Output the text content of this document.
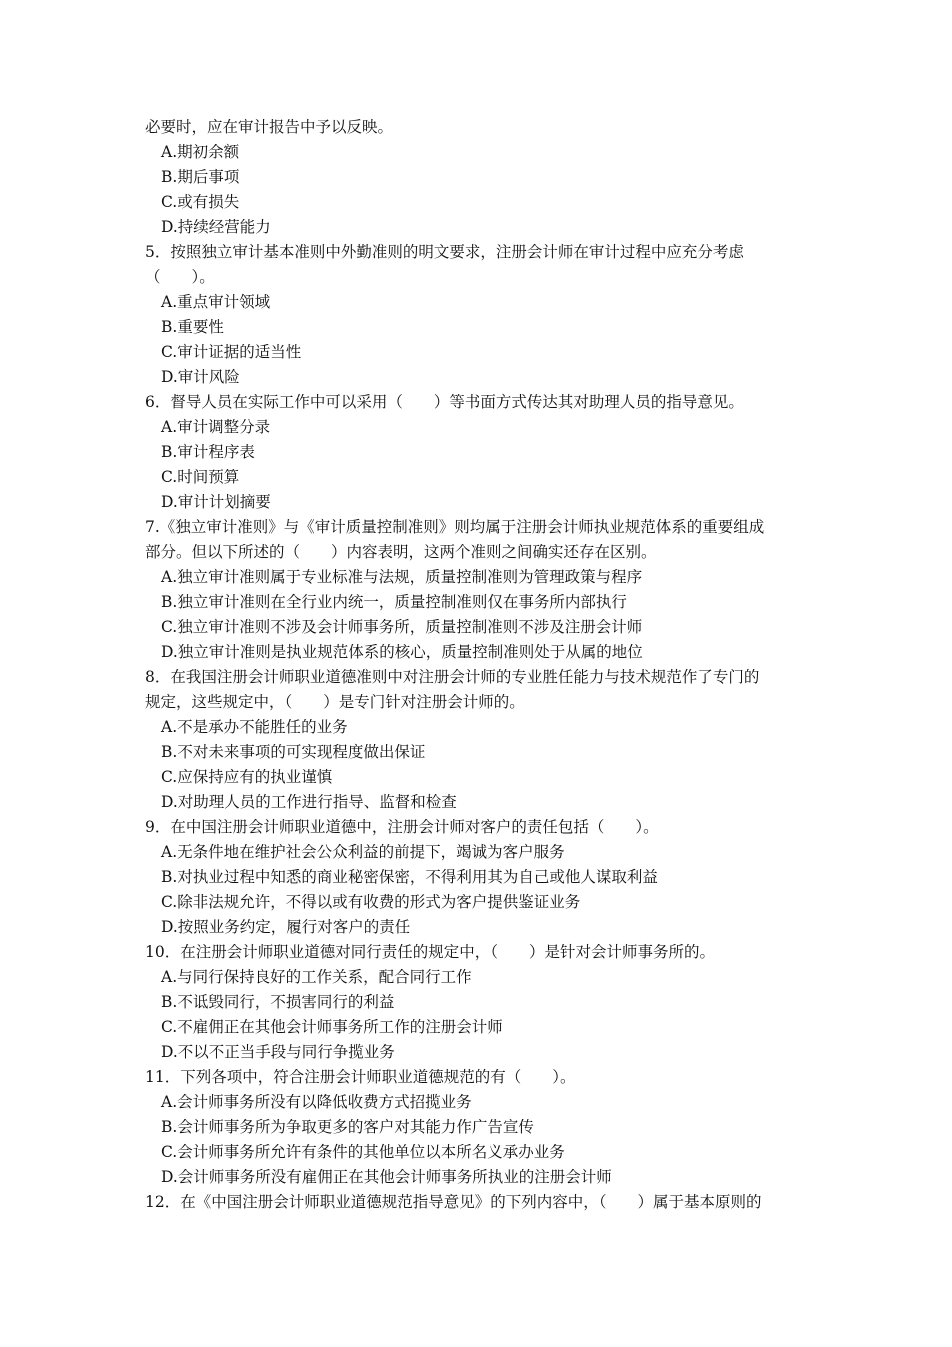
必要时，应在审计报告中予以反映。
A.期初余额
B.期后事项
C.或有损失
D.持续经营能力
5．按照独立审计基本准则中外勤准则的明文要求，注册会计师在审计过程中应充分考虑
（　　）。
A.重点审计领域
B.重要性
C.审计证据的适当性
D.审计风险
6．督导人员在实际工作中可以采用（　　）等书面方式传达其对助理人员的指导意见。
A.审计调整分录
B.审计程序表
C.时间预算
D.审计计划摘要
7.《独立审计准则》与《审计质量控制准则》则均属于注册会计师执业规范体系的重要组成
部分。但以下所述的（　　）内容表明，这两个准则之间确实还存在区别。
A.独立审计准则属于专业标准与法规，质量控制准则为管理政策与程序
B.独立审计准则在全行业内统一，质量控制准则仅在事务所内部执行
C.独立审计准则不涉及会计师事务所，质量控制准则不涉及注册会计师
D.独立审计准则是执业规范体系的核心，质量控制准则处于从属的地位
8．在我国注册会计师职业道德准则中对注册会计师的专业胜任能力与技术规范作了专门的
规定，这些规定中，（　　）是专门针对注册会计师的。
A.不是承办不能胜任的业务
B.不对未来事项的可实现程度做出保证
C.应保持应有的执业谨慎
D.对助理人员的工作进行指导、监督和检查
9．在中国注册会计师职业道德中，注册会计师对客户的责任包括（　　）。
A.无条件地在维护社会公众利益的前提下，竭诚为客户服务
B.对执业过程中知悉的商业秘密保密，不得利用其为自己或他人谋取利益
C.除非法规允许，不得以或有收费的形式为客户提供鉴证业务
D.按照业务约定，履行对客户的责任
10．在注册会计师职业道德对同行责任的规定中，（　　）是针对会计师事务所的。
A.与同行保持良好的工作关系，配合同行工作
B.不诋毁同行，不损害同行的利益
C.不雇佣正在其他会计师事务所工作的注册会计师
D.不以不正当手段与同行争揽业务
11．下列各项中，符合注册会计师职业道德规范的有（　　）。
A.会计师事务所没有以降低收费方式招揽业务
B.会计师事务所为争取更多的客户对其能力作广告宣传
C.会计师事务所允许有条件的其他单位以本所名义承办业务
D.会计师事务所没有雇佣正在其他会计师事务所执业的注册会计师
12．在《中国注册会计师职业道德规范指导意见》的下列内容中，（　　）属于基本原则的
